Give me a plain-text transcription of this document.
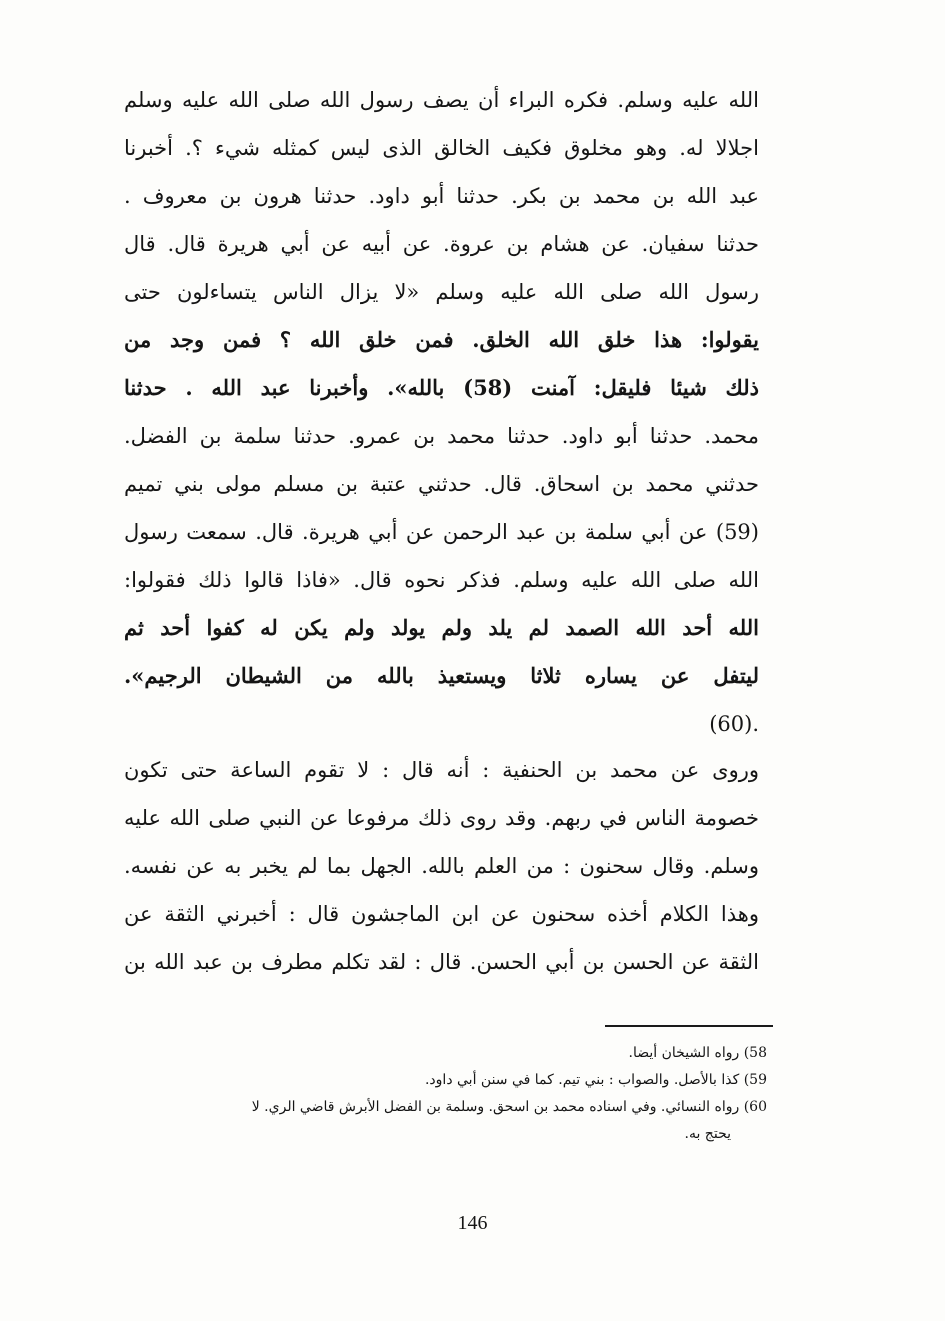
الله عليه وسلم. فكره البراء أن يصف رسول الله صلى الله عليه وسلم
اجلالا له. وهو مخلوق فكيف الخالق الذى ليس كمثله شيء ؟. أخبرنا
عبد الله بن محمد بن بكر. حدثنا أبو داود. حدثنا هرون بن معروف .
حدثنا سفيان. عن هشام بن عروة. عن أبيه عن أبي هريرة قال. قال
رسول الله صلى الله عليه وسلم «لا يزال الناس يتساءلون حتى
يقولوا: هذا خلق الله الخلق. فمن خلق الله ؟ فمن وجد من
ذلك شيئا فليقل: آمنت (58) بالله». وأخبرنا عبد الله . حدثنا
محمد. حدثنا أبو داود. حدثنا محمد بن عمرو. حدثنا سلمة بن الفضل.
حدثني محمد بن اسحاق. قال. حدثني عتبة بن مسلم مولى بني تميم
(59) عن أبي سلمة بن عبد الرحمن عن أبي هريرة. قال. سمعت رسول
الله صلى الله عليه وسلم. فذكر نحوه قال. «فاذا قالوا ذلك فقولوا:
الله أحد الله الصمد لم يلد ولم يولد ولم يكن له كفوا أحد ثم
ليتفل عن يساره ثلاثا ويستعيذ بالله من الشيطان الرجيم».
.(60)
وروى عن محمد بن الحنفية : أنه قال : لا تقوم الساعة حتى تكون
خصومة الناس في ربهم. وقد روى ذلك مرفوعا عن النبي صلى الله عليه
وسلم. وقال سحنون : من العلم بالله. الجهل بما لم يخبر به عن نفسه.
وهذا الكلام أخذه سحنون عن ابن الماجشون قال : أخبرني الثقة عن
الثقة عن الحسن بن أبي الحسن. قال : لقد تكلم مطرف بن عبد الله بن
58) رواه الشيخان أيضا.
59) كذا بالأصل. والصواب : بني تيم. كما في سنن أبي داود.
60) رواه النسائي. وفي اسناده محمد بن اسحق. وسلمة بن الفضل الأبرش قاضي الري. لا
يحتج به.
146
